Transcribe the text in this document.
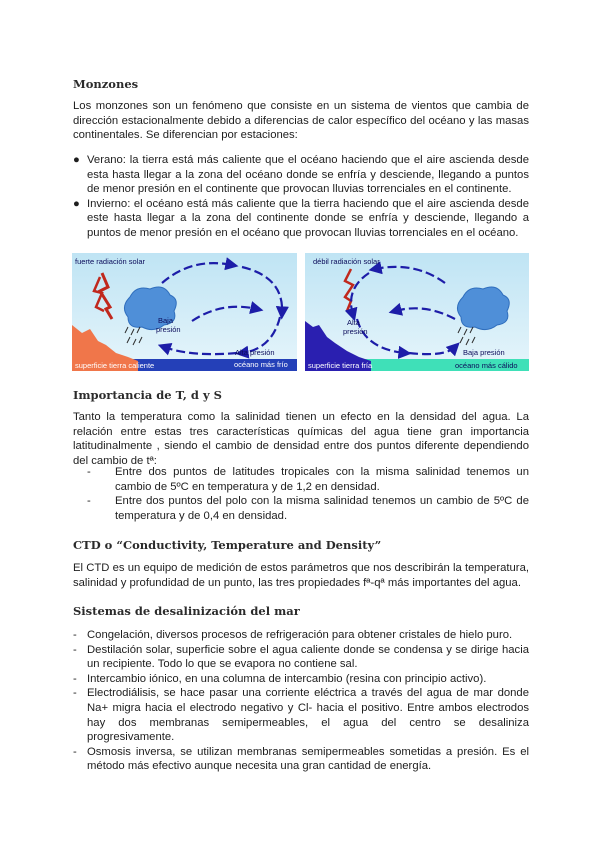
Monzones

Los monzones son un fenómeno que consiste en un sistema de vientos que cambia de dirección estacionalmente debido a diferencias de calor específico del océano y las masas continentales. Se diferencian por estaciones:

● Verano: la tierra está más caliente que el océano haciendo que el aire ascienda desde esta hasta llegar a la zona del océano donde se enfría y desciende, llegando a puntos de menor presión en el continente que provocan lluvias torrenciales en el continente.
● Invierno: el océano está más caliente que la tierra haciendo que el aire ascienda desde este hasta llegar a la zona del continente donde se enfría y desciende, llegando a puntos de menor presión en el océano que provocan lluvias torrenciales en el océano.
fuerte radiación solar
Baja
presión
Alta presión
océano más frío
superficie tierra caliente
débil radiación solar
Alta
presión
Baja presión
océano más cálido
superficie tierra fría
Importancia de T, d y S

Tanto la temperatura como la salinidad tienen un efecto en la densidad del agua. La relación entre estas tres características químicas del agua tiene gran importancia latitudinalmente , siendo el cambio de densidad entre dos puntos diferente dependiendo del cambio de tª:

- Entre dos puntos de latitudes tropicales con la misma salinidad tenemos un cambio de 5ºC en temperatura y de 1,2 en densidad.
- Entre dos puntos del polo con la misma salinidad tenemos un cambio de 5ºC de temperatura y de 0,4 en densidad.
CTD o “Conductivity, Temperature and Density”

El CTD es un equipo de medición de estos parámetros que nos describirán la temperatura, salinidad y profundidad de un punto, las tres propiedades fª-qª más importantes del agua.

Sistemas de desalinización del mar
- Congelación, diversos procesos de refrigeración para obtener cristales de hielo puro.
- Destilación solar, superficie sobre el agua caliente donde se condensa y se dirige hacia un recipiente. Todo lo que se evapora no contiene sal.
- Intercambio iónico, en una columna de intercambio (resina con principio activo).
- Electrodiálisis, se hace pasar una corriente eléctrica a través del agua de mar donde Na+ migra hacia el electrodo negativo y Cl- hacia el positivo. Entre ambos electrodos hay dos membranas semipermeables, el agua del centro se desaliniza progresivamente.
- Osmosis inversa, se utilizan membranas semipermeables sometidas a presión. Es el método más efectivo aunque necesita una gran cantidad de energía.
